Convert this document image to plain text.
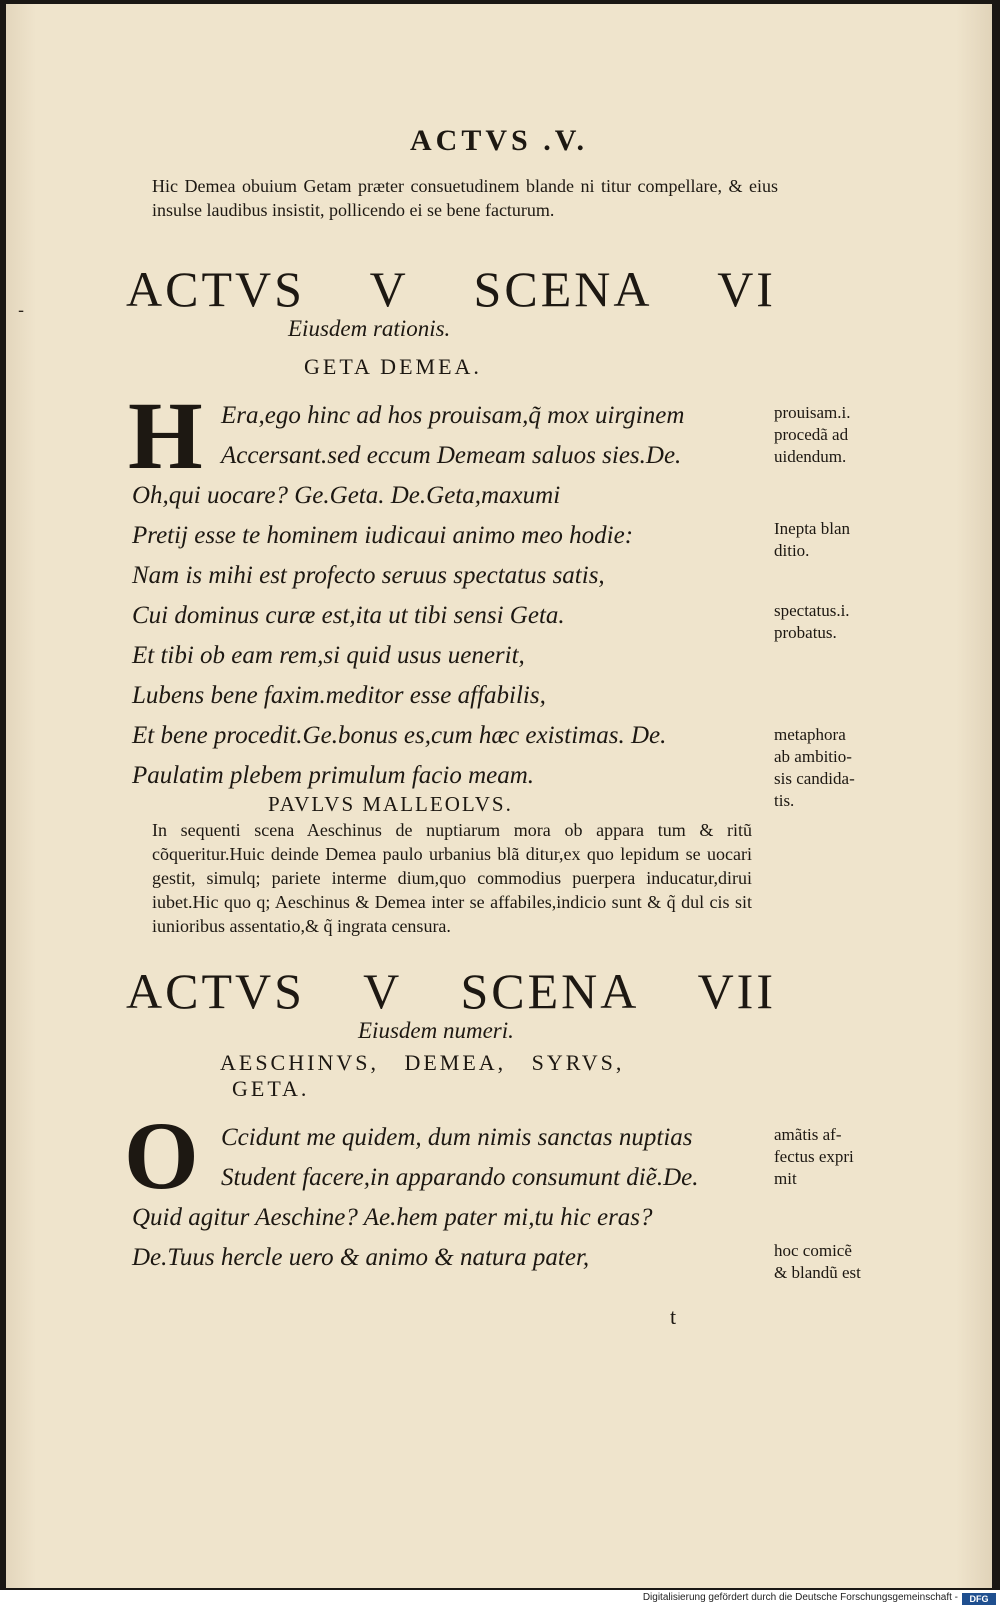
-
ACTVS .V.
Hic Demea obuium Getam præter consuetudinem blande ni titur compellare, & eius insulse laudibus insistit, pollicendo ei se bene facturum.
ACTVS V SCENA VI
Eiusdem rationis.
GETA DEMEA.
H Era,ego hinc ad hos prouisam,q̃ mox uirginem
Accersant.sed eccum Demeam saluos sies.De.
Oh,qui uocare? Ge.Geta. De.Geta,maxumi
Pretij esse te hominem iudicaui animo meo hodie:
Nam is mihi est profecto seruus spectatus satis,
Cui dominus curæ est,ita ut tibi sensi Geta.
Et tibi ob eam rem,si quid usus uenerit,
Lubens bene faxim.meditor esse affabilis,
Et bene procedit.Ge.bonus es,cum hæc existimas. De.
Paulatim plebem primulum facio meam.
PAVLVS MALLEOLVS.
In sequenti scena Aeschinus de nuptiarum mora ob appara tum & ritũ cõqueritur.Huic deinde Demea paulo urbanius blã ditur,ex quo lepidum se uocari gestit, simulq; pariete interme dium,quo commodius puerpera inducatur,dirui iubet.Hic quo q; Aeschinus & Demea inter se affabiles,indicio sunt & q̃ dul cis sit iunioribus assentatio,& q̃ ingrata censura.
ACTVS V SCENA VII
Eiusdem numeri.
AESCHINVS,   DEMEA,   SYRVS,
GETA.
O Ccidunt me quidem, dum nimis sanctas nuptias
Student facere,in apparando consumunt diẽ.De.
Quid agitur Aeschine? Ae.hem pater mi,tu hic eras?
De.Tuus hercle uero & animo & natura pater,
t
prouisam.i.
procedã ad
uidendum.
Inepta blan
ditio.
spectatus.i.
probatus.
metaphora
ab ambitio-
sis candida-
tis.
amãtis af-
fectus expri
mit
hoc comicẽ
& blandũ est
Digitalisierung gefördert durch die Deutsche Forschungsgemeinschaft -	DFG
